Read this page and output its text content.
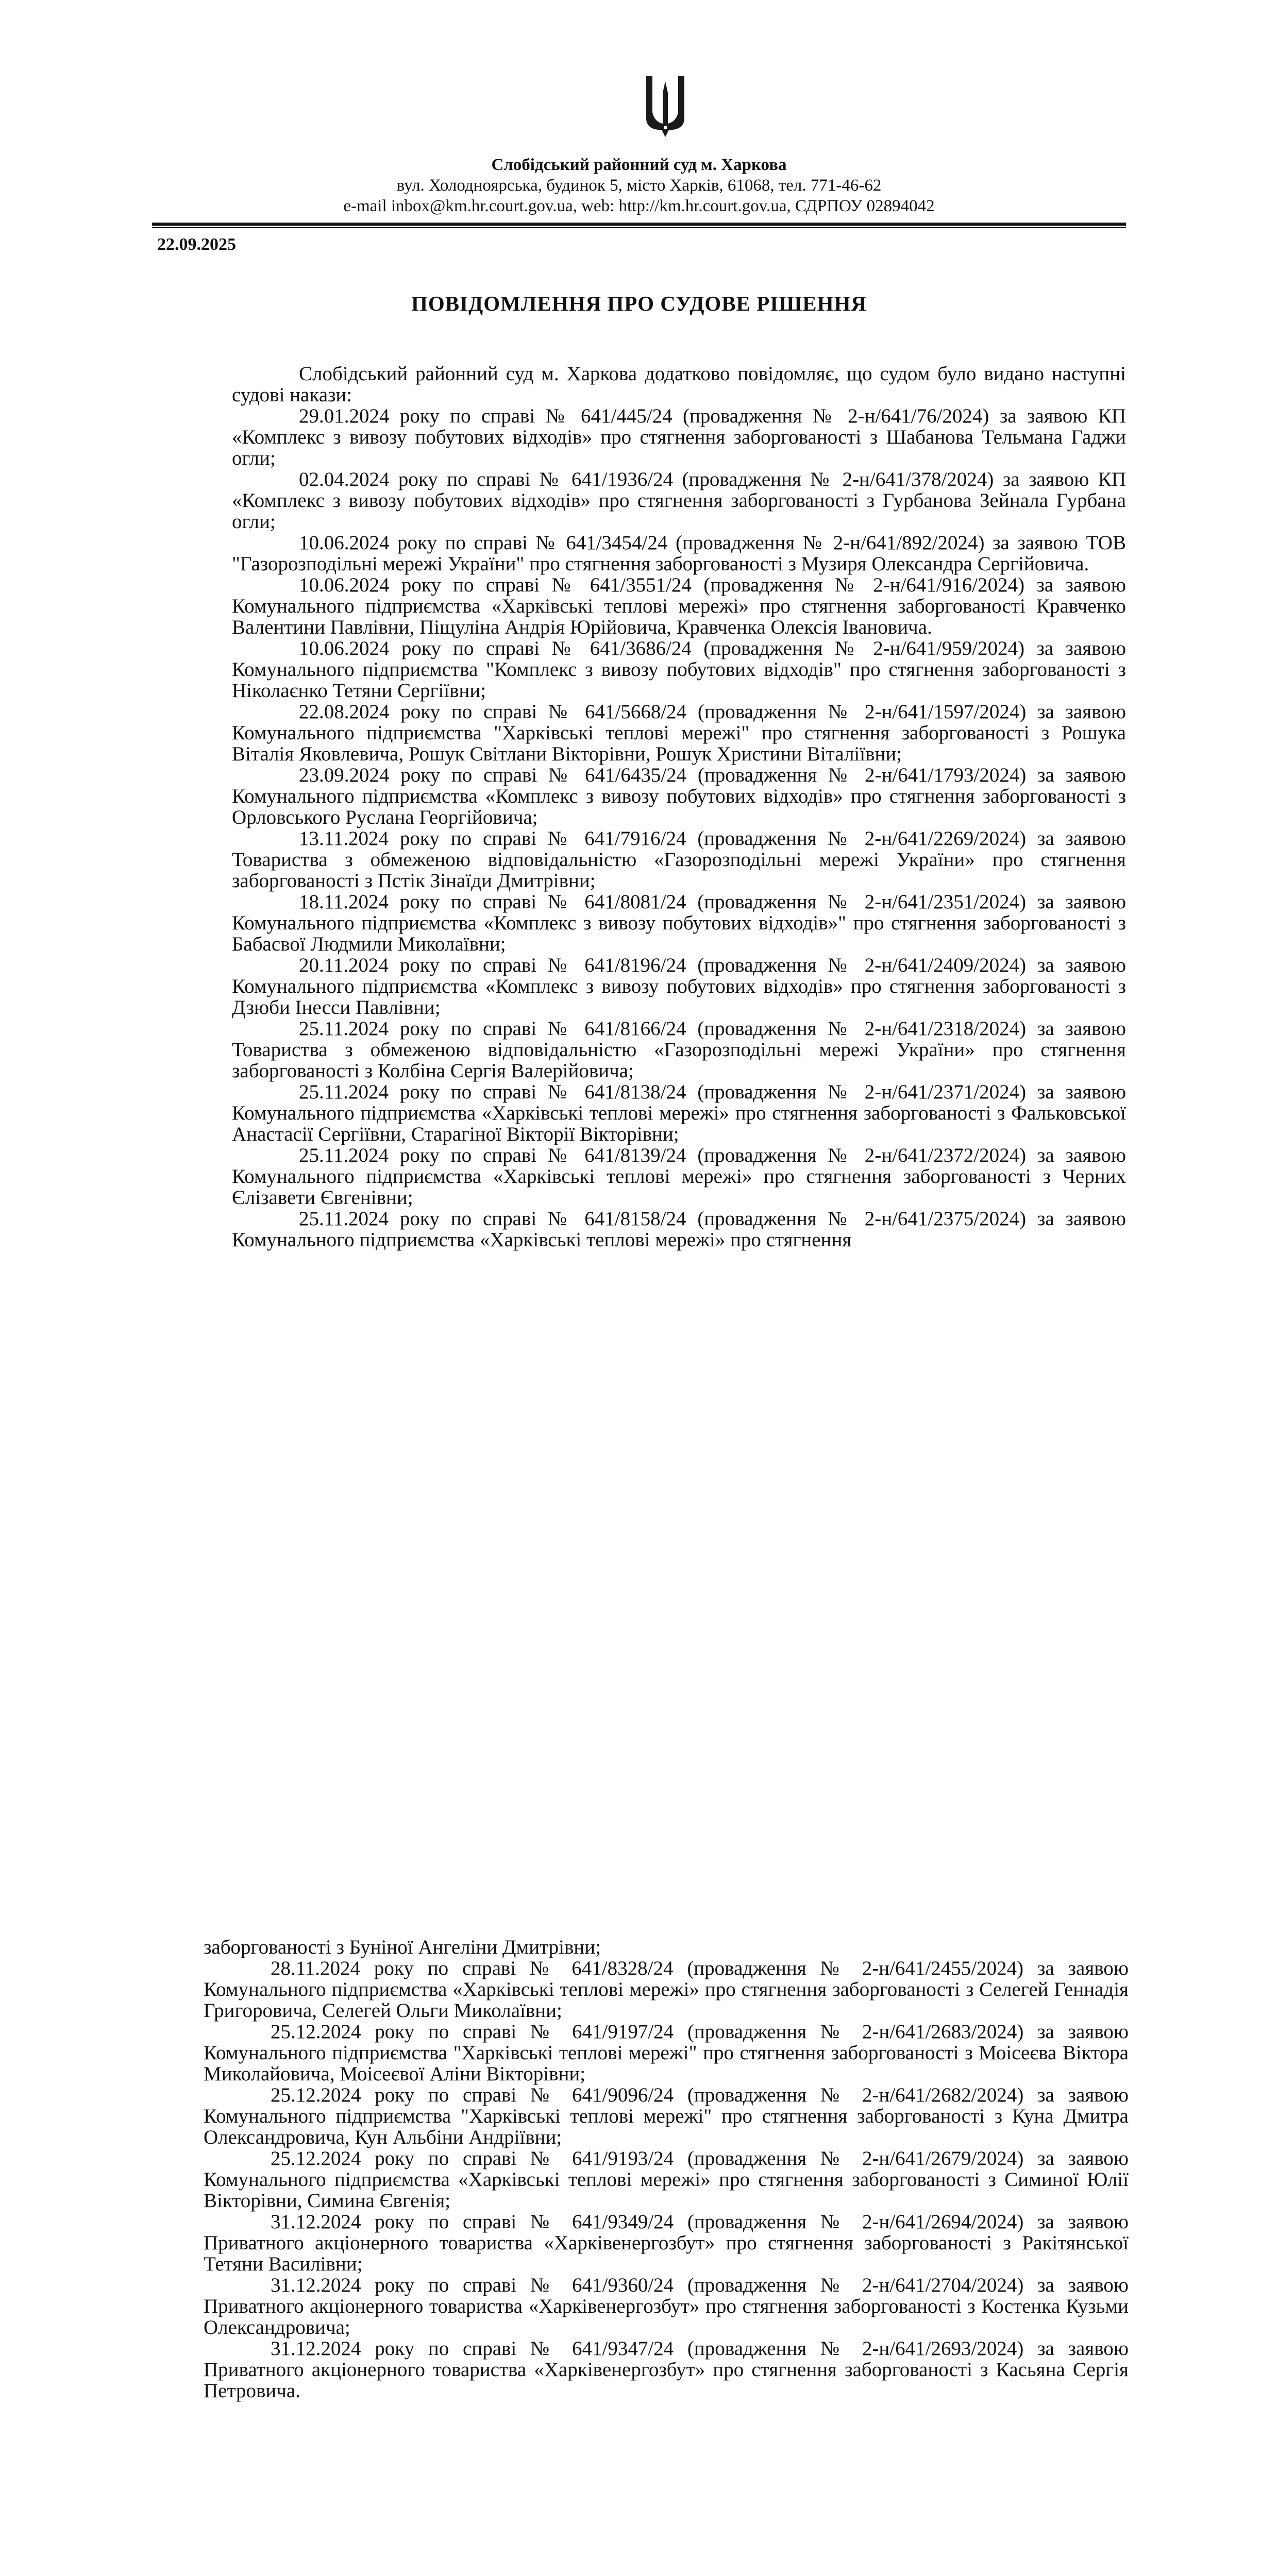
Слобідський районний суд м. Харкова
вул. Холодноярська, будинок 5, місто Харків, 61068, тел. 771-46-62
e-mail inbox@km.hr.court.gov.ua, web: http://km.hr.court.gov.ua, СДРПОУ 02894042
22.09.2025
ПОВІДОМЛЕННЯ ПРО СУДОВЕ РІШЕННЯ

Слобідський районний суд м. Харкова додатково повідомляє, що судом було видано наступні судові накази:

29.01.2024 року по справі № 641/445/24 (провадження № 2-н/641/76/2024) за заявою КП «Комплекс з вивозу побутових відходів» про стягнення заборгованості з Шабанова Тельмана Гаджи огли;

02.04.2024 року по справі № 641/1936/24 (провадження № 2-н/641/378/2024) за заявою КП «Комплекс з вивозу побутових відходів» про стягнення заборгованості з Гурбанова Зейнала Гурбана огли;

10.06.2024 року по справі № 641/3454/24 (провадження № 2-н/641/892/2024) за заявою ТОВ "Газорозподільні мережі України" про стягнення заборгованості з Музиря Олександра Сергійовича.

10.06.2024 року по справі № 641/3551/24 (провадження № 2-н/641/916/2024) за заявою Комунального підприємства «Харківські теплові мережі» про стягнення заборгованості Кравченко Валентини Павлівни, Піщуліна Андрія Юрійовича, Кравченка Олексія Івановича.

10.06.2024 року по справі № 641/3686/24 (провадження № 2-н/641/959/2024) за заявою Комунального підприємства "Комплекс з вивозу побутових відходів" про стягнення заборгованості з Ніколаєнко Тетяни Сергіївни;

22.08.2024 року по справі № 641/5668/24 (провадження № 2-н/641/1597/2024) за заявою Комунального підприємства "Харківські теплові мережі" про стягнення заборгованості з Рошука Віталія Яковлевича, Рошук Світлани Вікторівни, Рошук Христини Віталіївни;

23.09.2024 року по справі № 641/6435/24 (провадження № 2-н/641/1793/2024) за заявою Комунального підприємства «Комплекс з вивозу побутових відходів» про стягнення заборгованості з Орловського Руслана Георгійовича;

13.11.2024 року по справі № 641/7916/24 (провадження № 2-н/641/2269/2024) за заявою Товариства з обмеженою відповідальністю «Газорозподільні мережі України» про стягнення заборгованості з Пстік Зінаїди Дмитрівни;

18.11.2024 року по справі № 641/8081/24 (провадження № 2-н/641/2351/2024) за заявою Комунального підприємства «Комплекс з вивозу побутових відходів»" про стягнення заборгованості з Бабасвої Людмили Миколаївни;

20.11.2024 року по справі № 641/8196/24 (провадження № 2-н/641/2409/2024) за заявою Комунального підприємства «Комплекс з вивозу побутових відходів» про стягнення заборгованості з Дзюби Інесси Павлівни;

25.11.2024 року по справі № 641/8166/24 (провадження № 2-н/641/2318/2024) за заявою Товариства з обмеженою відповідальністю «Газорозподільні мережі України» про стягнення заборгованості з Колбіна Сергія Валерійовича;

25.11.2024 року по справі № 641/8138/24 (провадження № 2-н/641/2371/2024) за заявою Комунального підприємства «Харківські теплові мережі» про стягнення заборгованості з Фальковської Анастасії Сергіївни, Старагіної Вікторії Вікторівни;

25.11.2024 року по справі № 641/8139/24 (провадження № 2-н/641/2372/2024) за заявою Комунального підприємства «Харківські теплові мережі» про стягнення заборгованості з Черних Єлізавети Євгенівни;

25.11.2024 року по справі № 641/8158/24 (провадження № 2-н/641/2375/2024) за заявою Комунального підприємства «Харківські теплові мережі» про стягнення

заборгованості з Буніної Ангеліни Дмитрівни;

28.11.2024 року по справі № 641/8328/24 (провадження № 2-н/641/2455/2024) за заявою Комунального підприємства «Харківські теплові мережі» про стягнення заборгованості з Селегей Геннадія Григоровича, Селегей Ольги Миколаївни;

25.12.2024 року по справі № 641/9197/24 (провадження № 2-н/641/2683/2024) за заявою Комунального підприємства "Харківські теплові мережі" про стягнення заборгованості з Моісеєва Віктора Миколайовича, Моісеєвої Аліни Вікторівни;

25.12.2024 року по справі № 641/9096/24 (провадження № 2-н/641/2682/2024) за заявою Комунального підприємства "Харківські теплові мережі" про стягнення заборгованості з Куна Дмитра Олександровича, Кун Альбіни Андріївни;

25.12.2024 року по справі № 641/9193/24 (провадження № 2-н/641/2679/2024) за заявою Комунального підприємства «Харківські теплові мережі» про стягнення заборгованості з Симиної Юлії Вікторівни, Симина Євгенія;

31.12.2024 року по справі № 641/9349/24 (провадження № 2-н/641/2694/2024) за заявою Приватного акціонерного товариства «Харківенергозбут» про стягнення заборгованості з Ракітянської Тетяни Василівни;

31.12.2024 року по справі № 641/9360/24 (провадження № 2-н/641/2704/2024) за заявою Приватного акціонерного товариства «Харківенергозбут» про стягнення заборгованості з Костенка Кузьми Олександровича;

31.12.2024 року по справі № 641/9347/24 (провадження № 2-н/641/2693/2024) за заявою Приватного акціонерного товариства «Харківенергозбут» про стягнення заборгованості з Касьяна Сергія Петровича.
